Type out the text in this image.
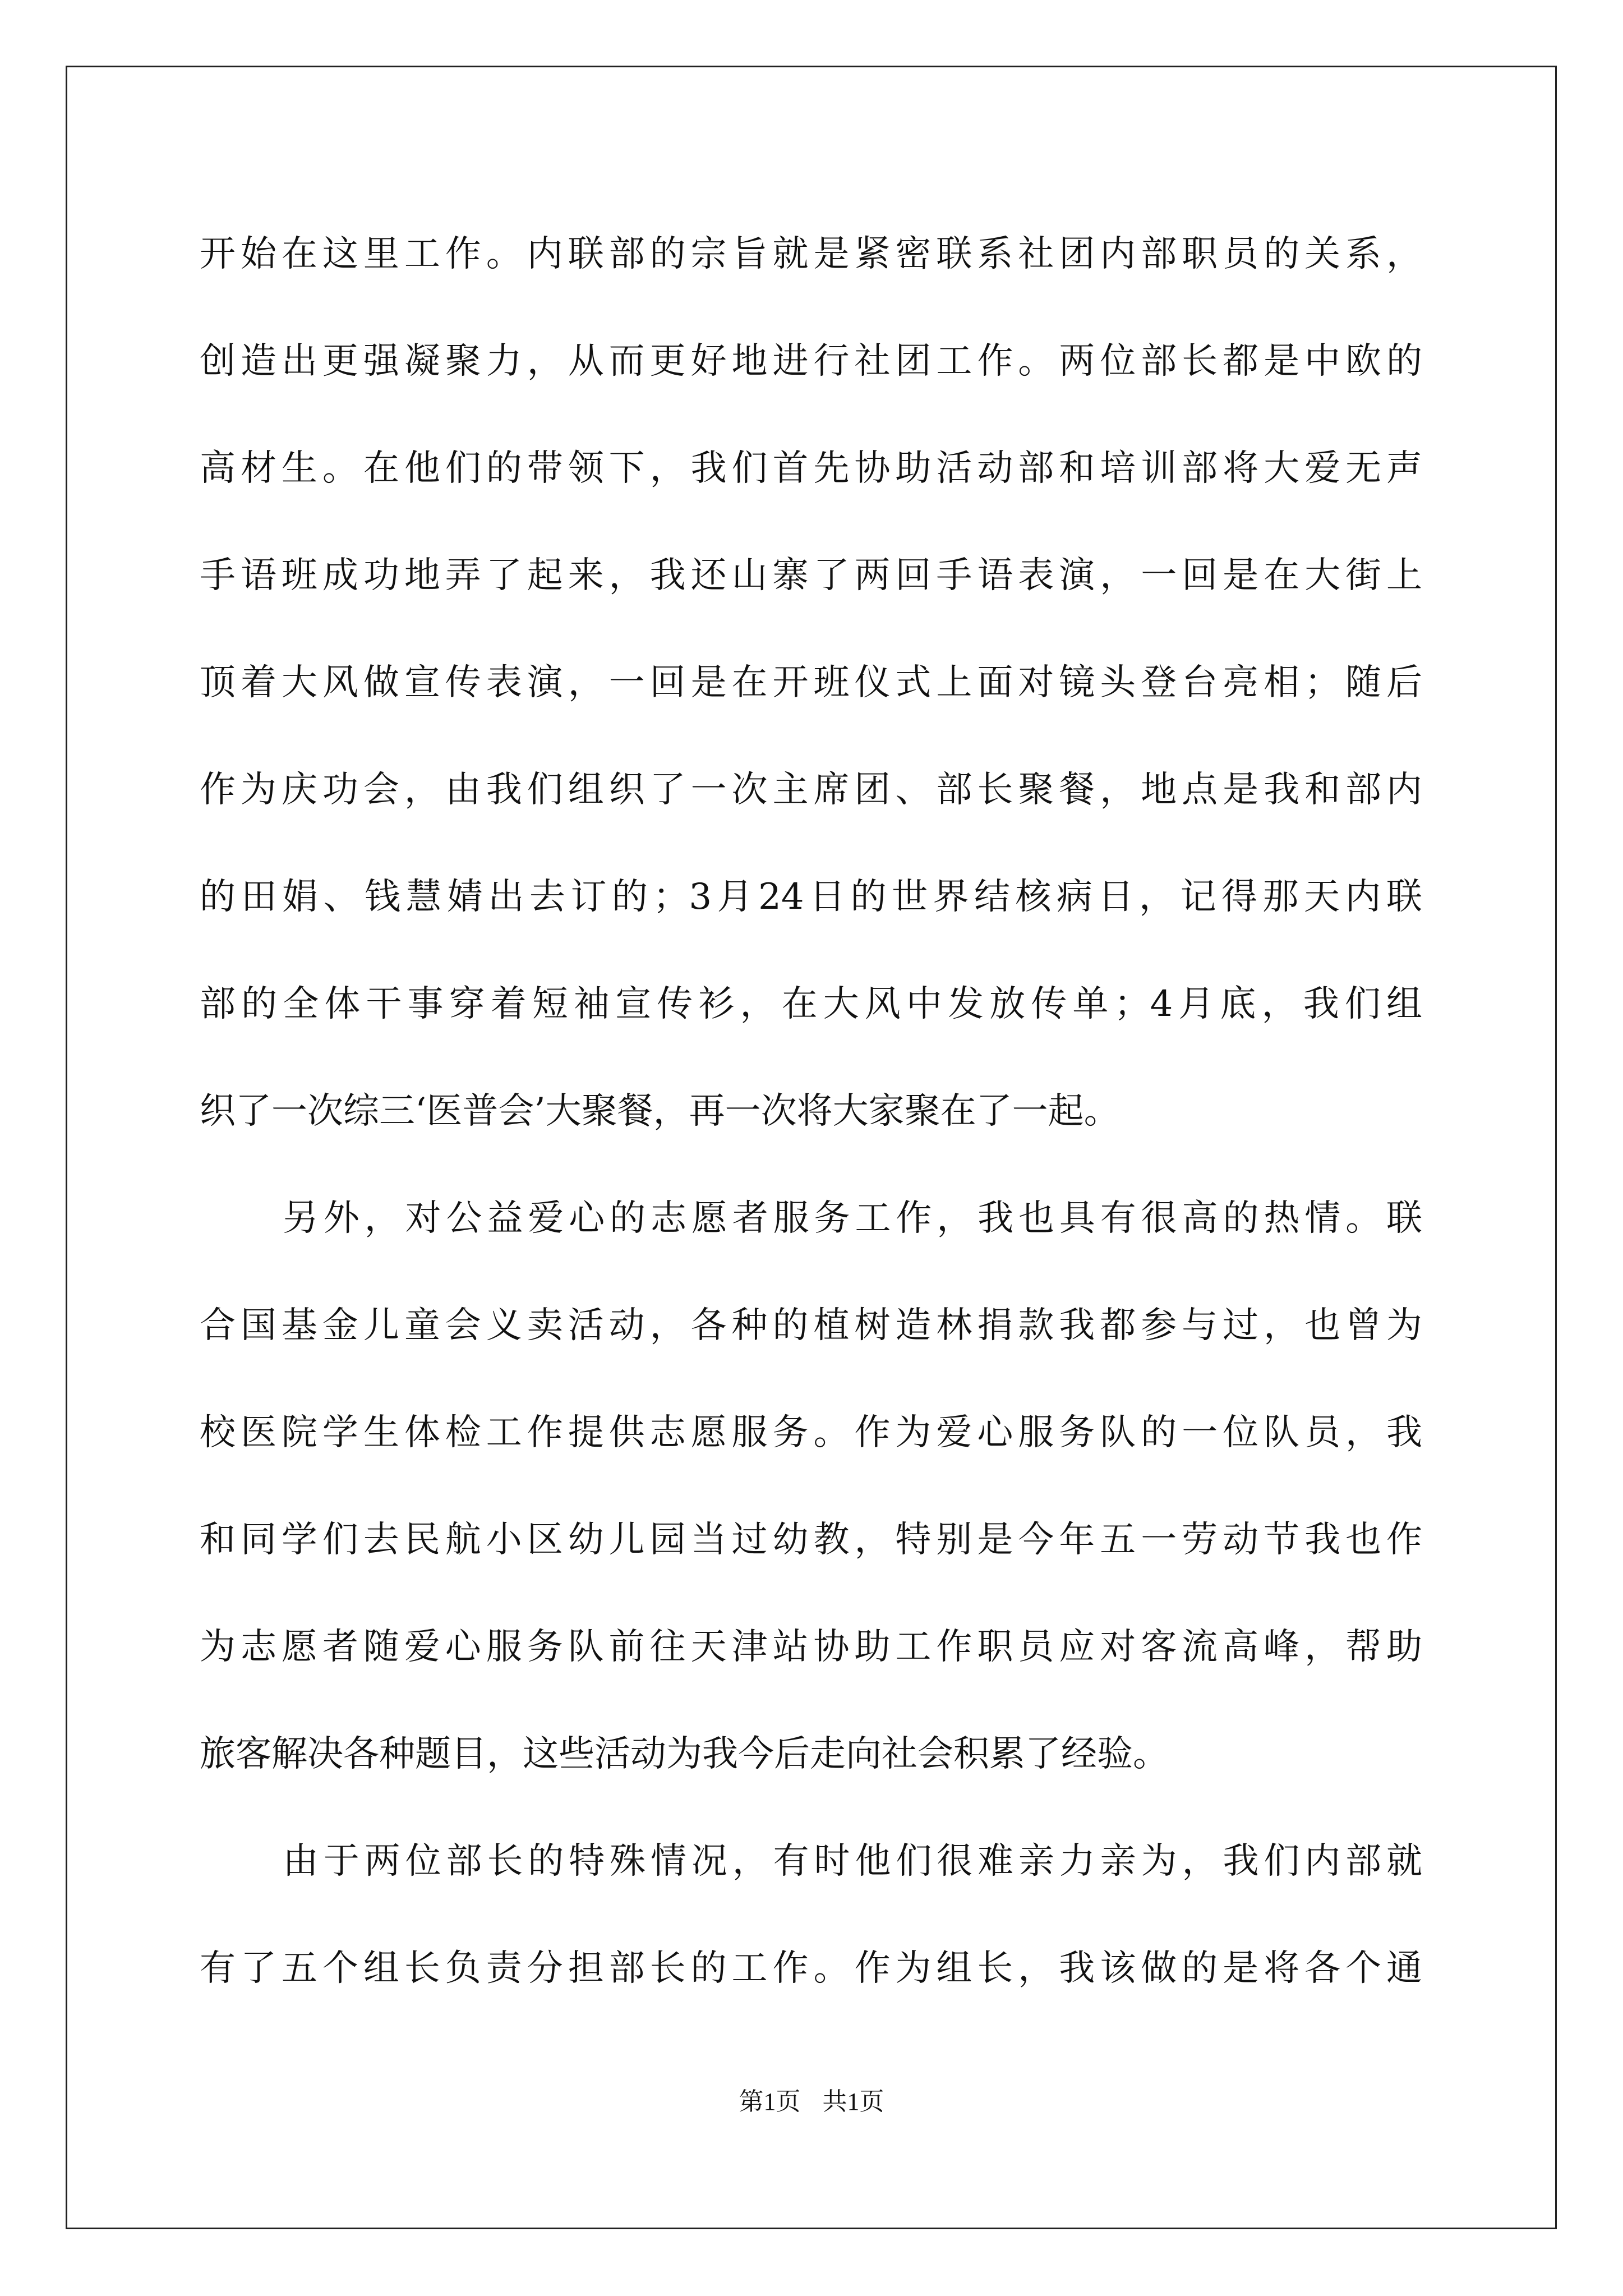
开始在这里工作。内联部的宗旨就是紧密联系社团内部职员的关系，
创造出更强凝聚力，从而更好地进行社团工作。两位部长都是中欧的
高材生。在他们的带领下，我们首先协助活动部和培训部将大爱无声
手语班成功地弄了起来，我还山寨了两回手语表演，一回是在大街上
顶着大风做宣传表演，一回是在开班仪式上面对镜头登台亮相；随后
作为庆功会，由我们组织了一次主席团、部长聚餐，地点是我和部内
的田娟、钱慧婧出去订的；3月24日的世界结核病日，记得那天内联
部的全体干事穿着短袖宣传衫，在大风中发放传单；4月底，我们组
织了一次综三‘医普会’大聚餐，再一次将大家聚在了一起。
另外，对公益爱心的志愿者服务工作，我也具有很高的热情。联
合国基金儿童会义卖活动，各种的植树造林捐款我都参与过，也曾为
校医院学生体检工作提供志愿服务。作为爱心服务队的一位队员，我
和同学们去民航小区幼儿园当过幼教，特别是今年五一劳动节我也作
为志愿者随爱心服务队前往天津站协助工作职员应对客流高峰，帮助
旅客解决各种题目，这些活动为我今后走向社会积累了经验。
由于两位部长的特殊情况，有时他们很难亲力亲为，我们内部就
有了五个组长负责分担部长的工作。作为组长，我该做的是将各个通
第1页 共1页
